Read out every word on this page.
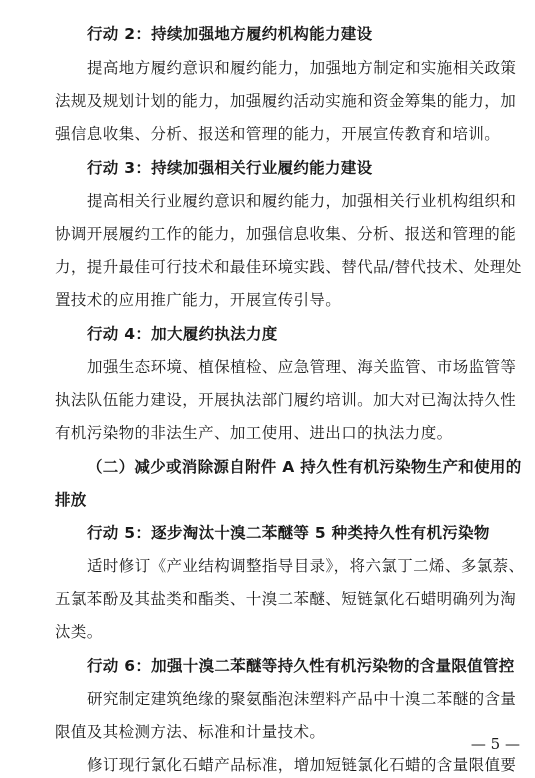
行动 2：持续加强地方履约机构能力建设
提高地方履约意识和履约能力，加强地方制定和实施相关政策
法规及规划计划的能力，加强履约活动实施和资金筹集的能力，加
强信息收集、分析、报送和管理的能力，开展宣传教育和培训。
行动 3：持续加强相关行业履约能力建设
提高相关行业履约意识和履约能力，加强相关行业机构组织和
协调开展履约工作的能力，加强信息收集、分析、报送和管理的能
力，提升最佳可行技术和最佳环境实践、替代品/替代技术、处理处
置技术的应用推广能力，开展宣传引导。
行动 4：加大履约执法力度
加强生态环境、植保植检、应急管理、海关监管、市场监管等
执法队伍能力建设，开展执法部门履约培训。加大对已淘汰持久性
有机污染物的非法生产、加工使用、进出口的执法力度。
（二）减少或消除源自附件 A 持久性有机污染物生产和使用的
排放
行动 5：逐步淘汰十溴二苯醚等 5 种类持久性有机污染物
适时修订《产业结构调整指导目录》，将六氯丁二烯、多氯萘、
五氯苯酚及其盐类和酯类、十溴二苯醚、短链氯化石蜡明确列为淘
汰类。
行动 6：加强十溴二苯醚等持久性有机污染物的含量限值管控
研究制定建筑绝缘的聚氨酯泡沫塑料产品中十溴二苯醚的含量
限值及其检测方法、标准和计量技术。
修订现行氯化石蜡产品标准，增加短链氯化石蜡的含量限值要
— 5 —
